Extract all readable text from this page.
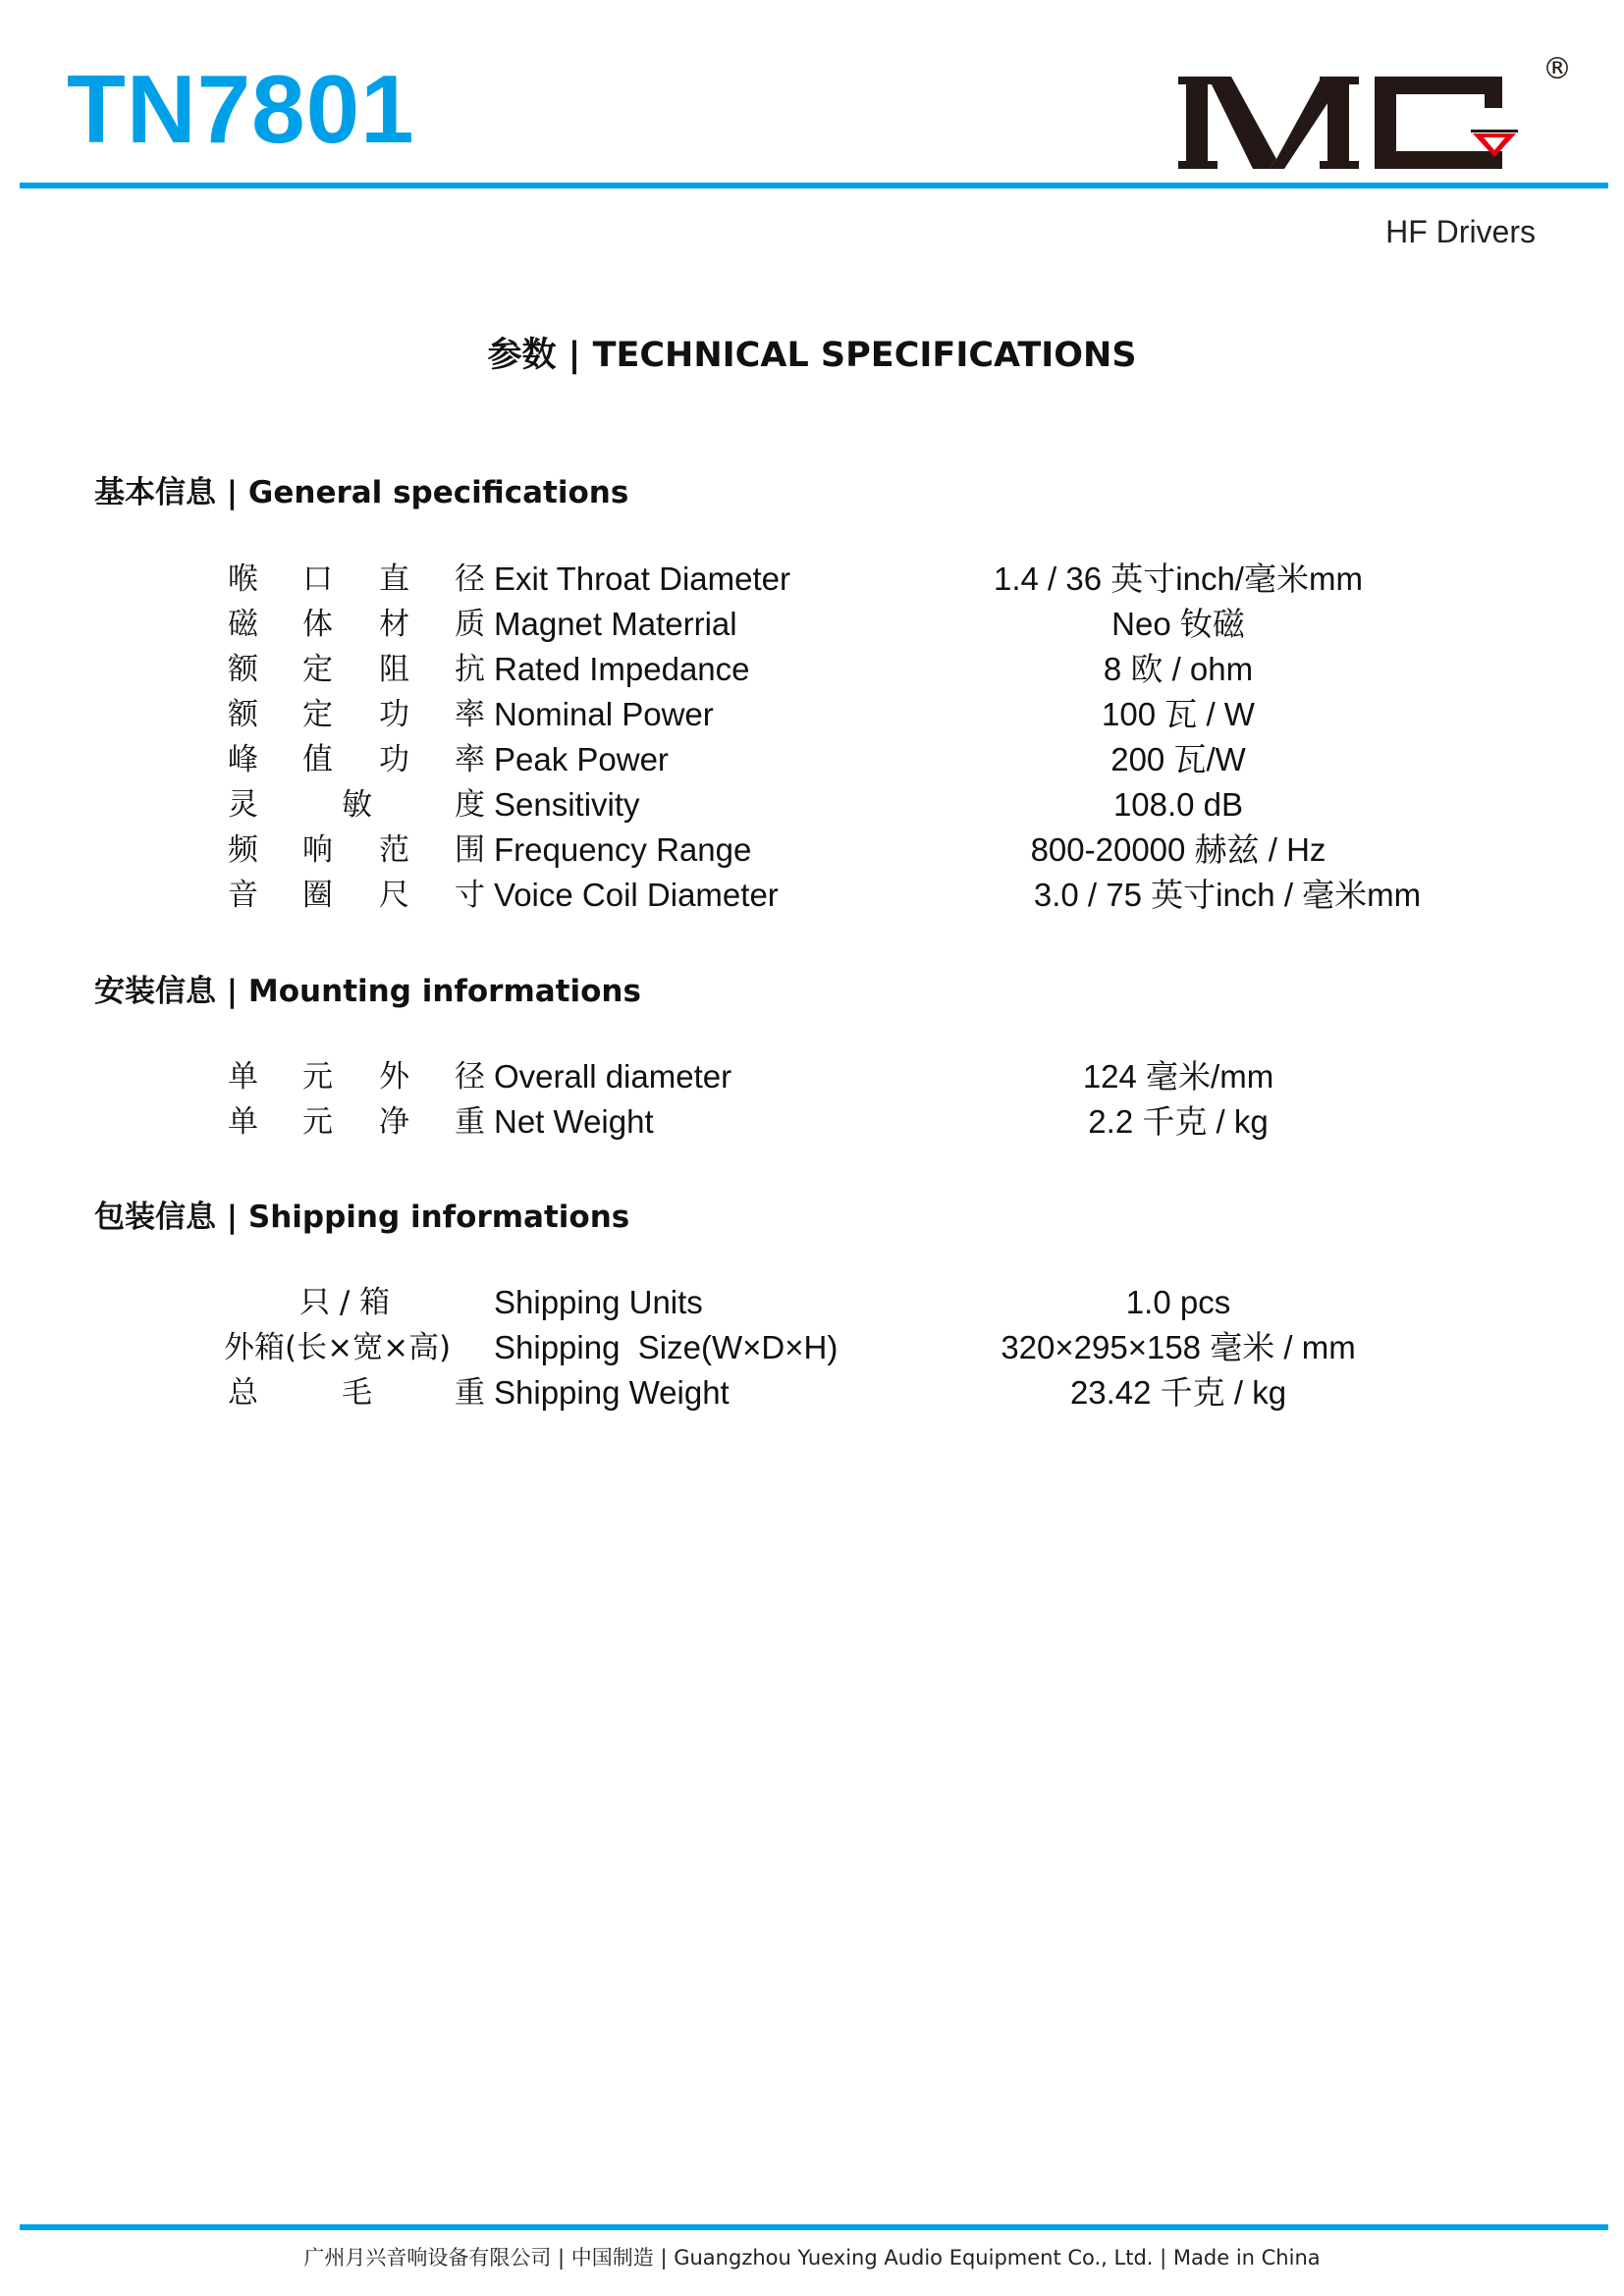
TN7801	®
HF Drivers
参数 | TECHNICAL SPECIFICATIONS
基本信息 | General specifications
喉 口 直 径 Exit Throat Diameter	1.4 / 36 英寸inch/毫米mm
磁 体 材 质 Magnet Materrial	Neo 钕磁
额 定 阻 抗 Rated Impedance	8 欧 / ohm
额 定 功 率 Nominal Power	100 瓦 / W
峰 值 功 率 Peak Power	200 瓦/W
灵	敏	度 Sensitivity	108.0 dB
频 响 范 围 Frequency Range	800-20000 赫兹 / Hz
音 圈 尺 寸 Voice Coil Diameter	3.0 / 75 英寸inch / 毫米mm
安装信息 | Mounting informations
单 元 外 径 Overall diameter	124 毫米/mm
单 元 净 重 Net Weight	2.2 千克 / kg
包装信息 | Shipping informations
只 / 箱	Shipping Units	1.0 pcs
外箱(长×宽×高) Shipping  Size(W×D×H)	320×295×158 毫米 / mm
总	毛	重 Shipping Weight	23.42 千克 / kg
广州月兴音响设备有限公司 | 中国制造 | Guangzhou Yuexing Audio Equipment Co., Ltd. | Made in China
